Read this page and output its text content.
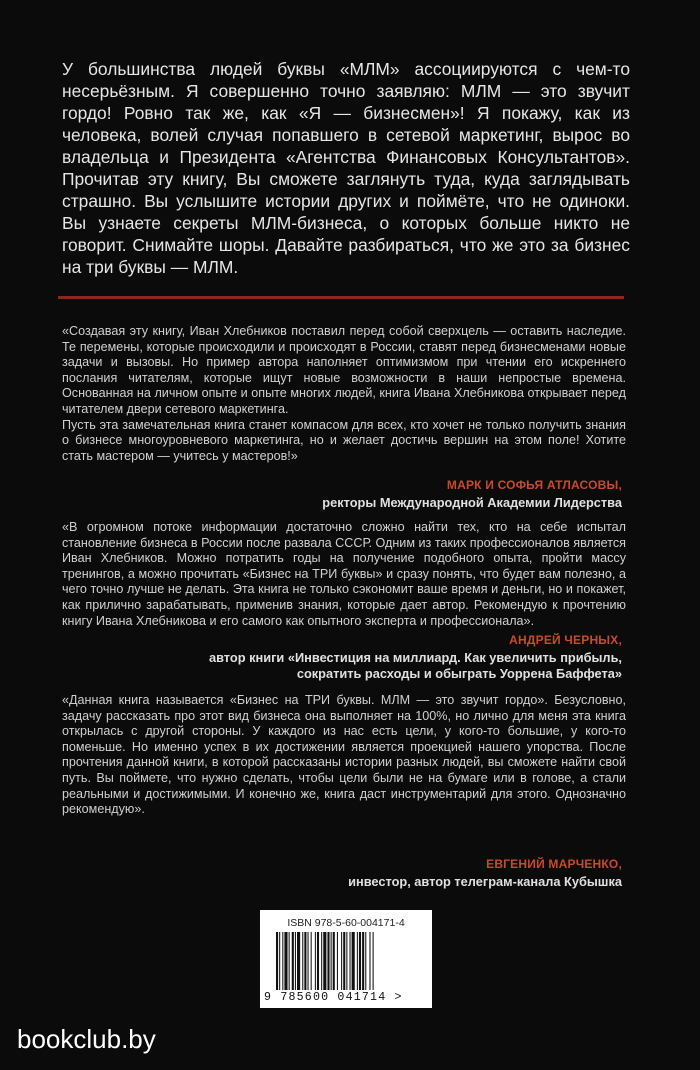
У большинства людей буквы «МЛМ» ассоциируются с чем-то несерьёзным. Я совершенно точно заявляю: МЛМ — это звучит гордо! Ровно так же, как «Я — бизнесмен»! Я покажу, как из человека, волей случая попавшего в сетевой маркетинг, вырос во владельца и Президента «Агентства Финансовых Консультантов». Прочитав эту книгу, Вы сможете заглянуть туда, куда заглядывать страшно. Вы услышите истории других и поймёте, что не одиноки. Вы узнаете секреты МЛМ-бизнеса, о которых больше никто не говорит. Снимайте шоры. Давайте разбираться, что же это за бизнес на три буквы — МЛМ.

«Создавая эту книгу, Иван Хлебников поставил перед собой сверхцель — оставить наследие. Те перемены, которые происходили и происходят в России, ставят перед бизнесменами новые задачи и вызовы. Но пример автора наполняет оптимизмом при чтении его искреннего послания читателям, которые ищут новые возможности в наши непростые времена. Основанная на личном опыте и опыте многих людей, книга Ивана Хлебникова открывает перед читателем двери сетевого маркетинга.

Пусть эта замечательная книга станет компасом для всех, кто хочет не только получить знания о бизнесе многоуровневого маркетинга, но и желает достичь вершин на этом поле! Хотите стать мастером — учитесь у мастеров!»

МАРК И СОФЬЯ АТЛАСОВЫ,
ректоры Международной Академии Лидерства

«В огромном потоке информации достаточно сложно найти тех, кто на себе испытал становление бизнеса в России после развала СССР. Одним из таких профессионалов является Иван Хлебников. Можно потратить годы на получение подобного опыта, пройти массу тренингов, а можно прочитать «Бизнес на ТРИ буквы» и сразу понять, что будет вам полезно, а чего точно лучше не делать. Эта книга не только сэкономит ваше время и деньги, но и покажет, как прилично зарабатывать, применив знания, которые дает автор. Рекомендую к прочтению книгу Ивана Хлебникова и его самого как опытного эксперта и профессионала».

АНДРЕЙ ЧЕРНЫХ,
автор книги «Инвестиция на миллиард. Как увеличить прибыль,
сократить расходы и обыграть Уоррена Баффета»

«Данная книга называется «Бизнес на ТРИ буквы. МЛМ — это звучит гордо». Безусловно, задачу рассказать про этот вид бизнеса она выполняет на 100%, но лично для меня эта книга открылась с другой стороны. У каждого из нас есть цели, у кого-то большие, у кого-то поменьше. Но именно успех в их достижении является проекцией нашего упорства. После прочтения данной книги, в которой рассказаны истории разных людей, вы сможете найти свой путь. Вы поймете, что нужно сделать, чтобы цели были не на бумаге или в голове, а стали реальными и достижимыми. И конечно же, книга даст инструментарий для этого. Однозначно рекомендую».

ЕВГЕНИЙ МАРЧЕНКО,
инвестор, автор телеграм-канала Кубышка
ISBN 978-5-60-004171-4
9 785600 041714 >
bookclub.by
